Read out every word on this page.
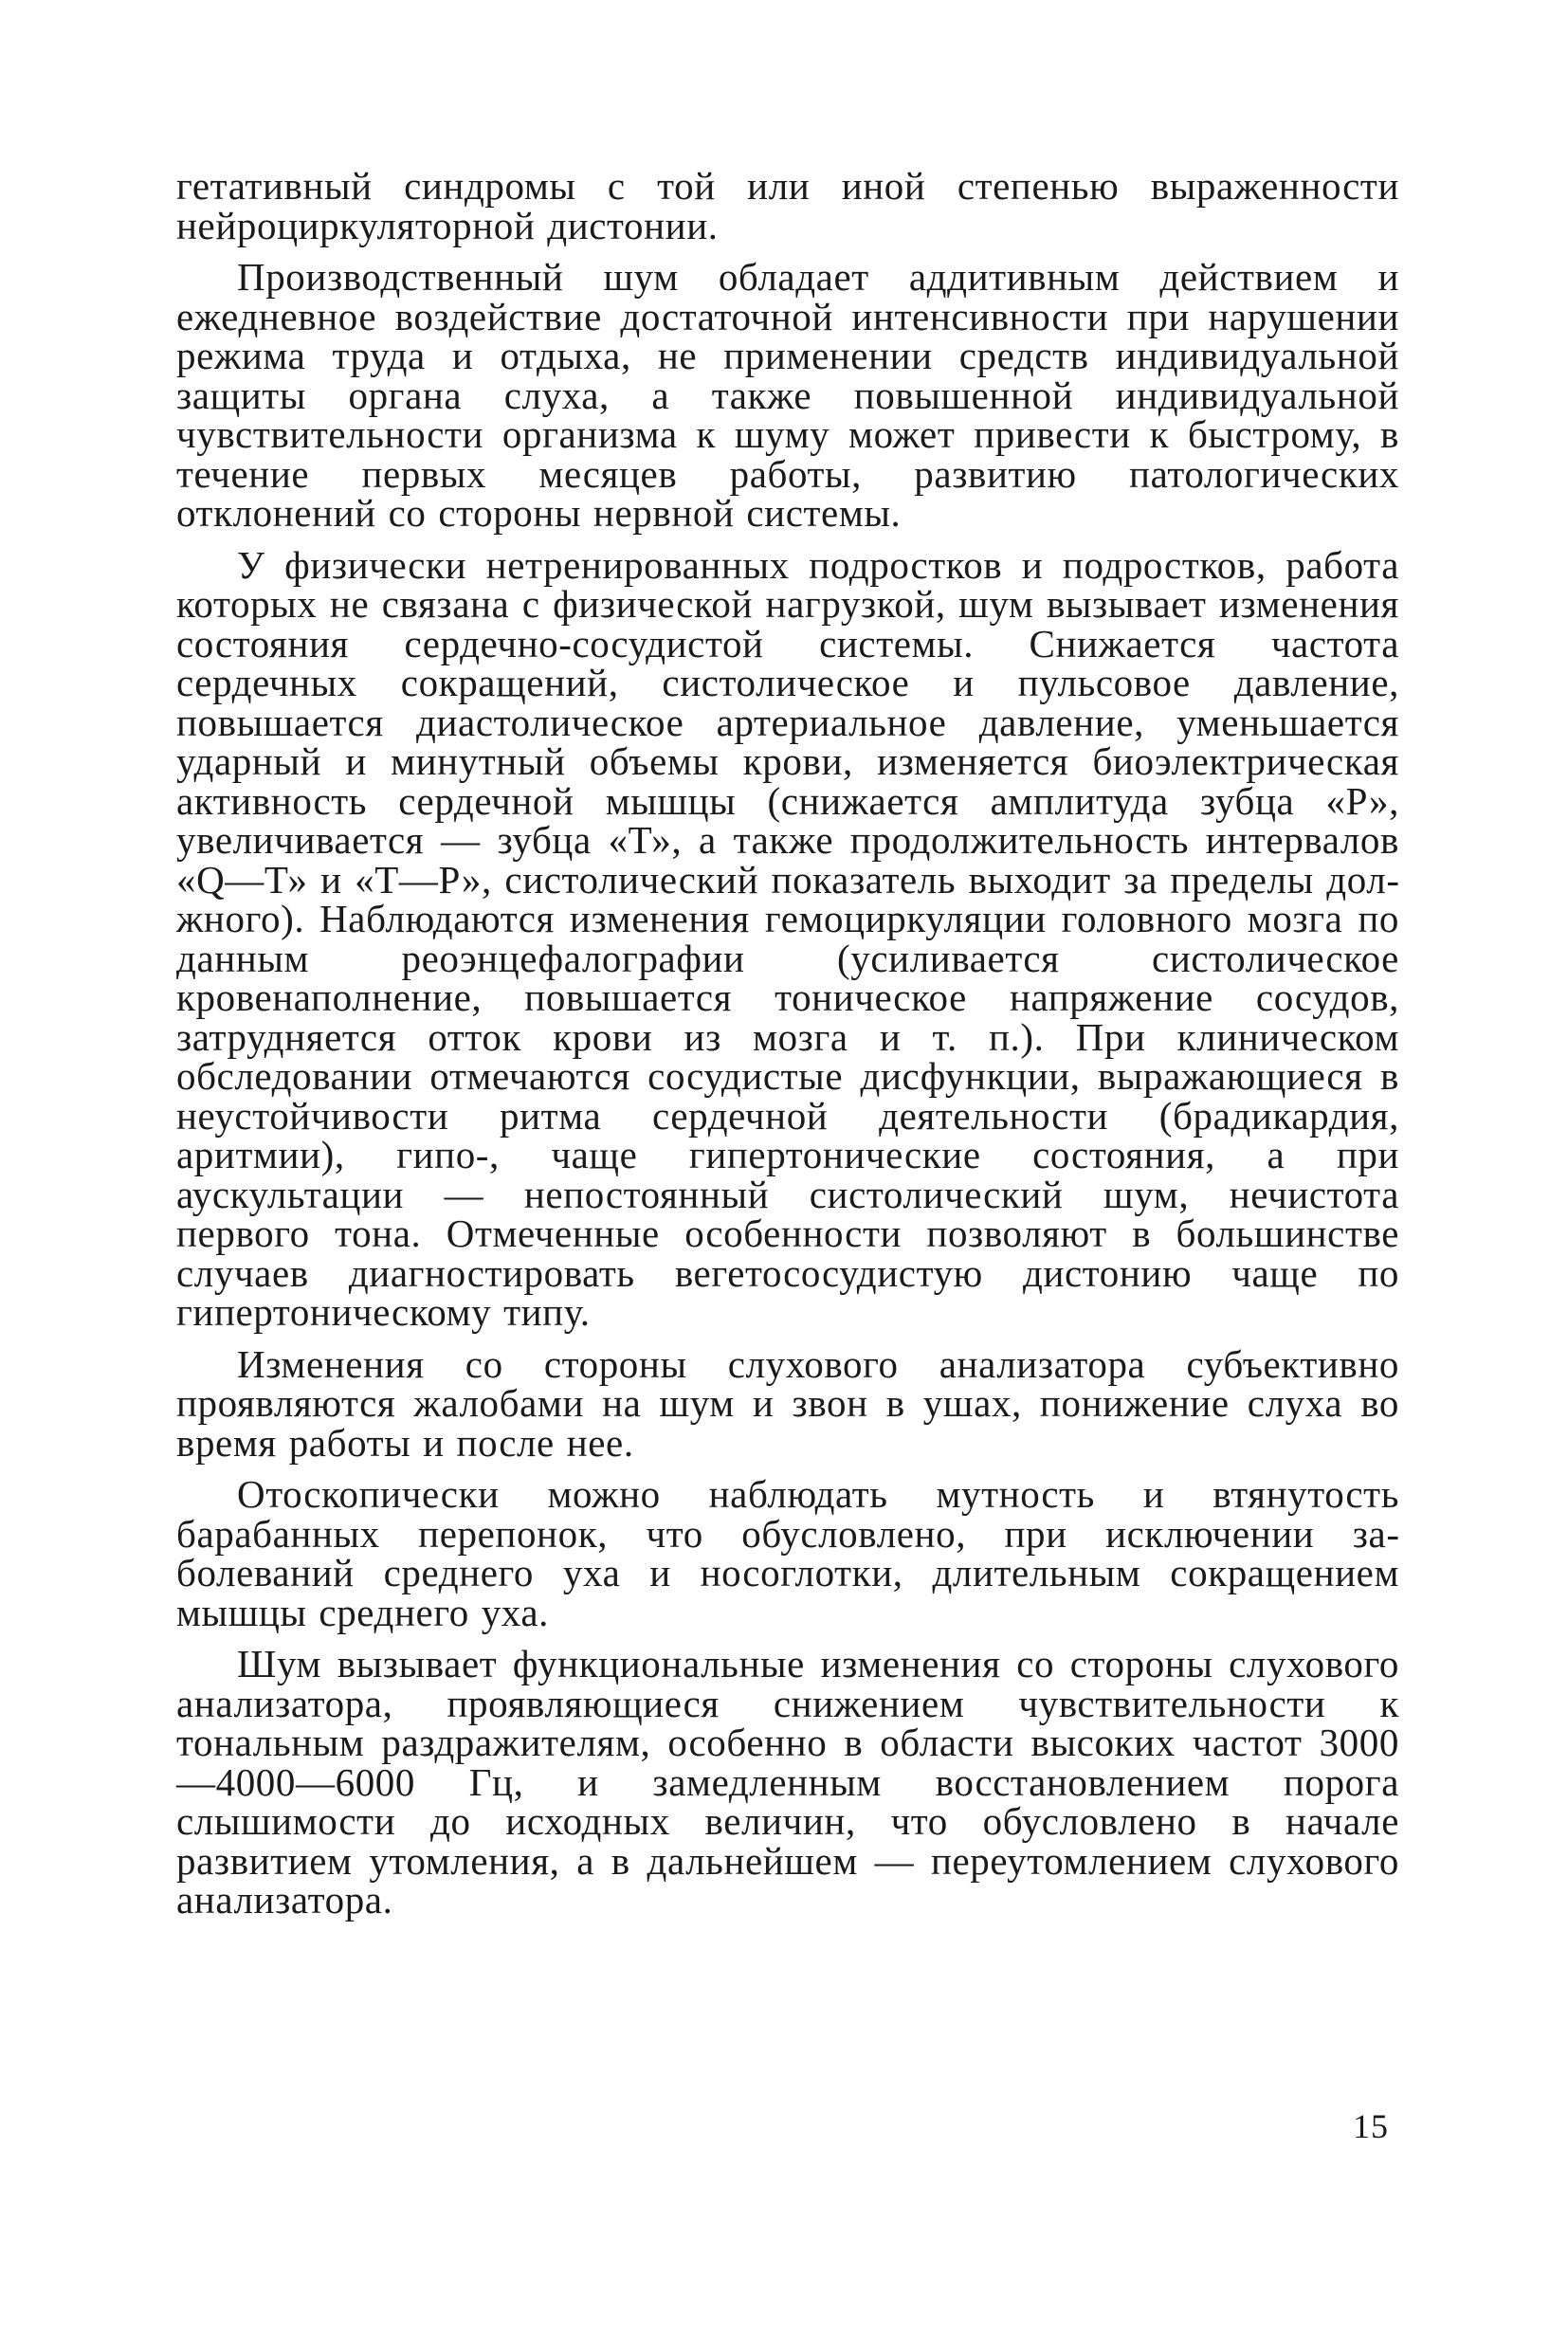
гетативный синдромы с той или иной степенью выраженности нейроциркуляторной дистонии.

Производственный шум обладает аддитивным действием и ежедневное воздействие достаточной интенсивности при нарушении режима труда и отдыха, не применении средств индивидуальной защиты органа слуха, а также повышенной индивидуальной чувствительности организма к шуму может привести к быстрому, в течение первых месяцев работы, развитию патологических отклонений со стороны нервной системы.

У физически нетренированных подростков и подростков, работа которых не связана с физической нагрузкой, шум вызывает изменения состояния сердечно-сосудистой системы. Снижается частота сердечных сокращений, систолическое и пульсовое давление, повышается диастолическое артериальное давление, уменьшается ударный и минутный объемы крови, изменяется биоэлектрическая активность сердечной мышцы (снижается амплитуда зубца «Р», увеличивается — зубца «Т», а также продолжительность интервалов «Q—Т» и «Т—Р», систолический показатель выходит за пределы должного). Наблюдаются изменения гемоциркуляции головного мозга по данным реоэнцефалографии (усиливается систолическое кровенаполнение, повышается тоническое напряжение сосудов, затрудняется отток крови из мозга и т. п.). При клиническом обследовании отмечаются сосудистые дисфункции, выражающиеся в неустойчивости ритма сердечной деятельности (брадикардия, аритмии), гипо-, чаще гипертонические состояния, а при аускультации — непостоянный систолический шум, нечистота первого тона. Отмеченные особенности позволяют в большинстве случаев диагностировать вегетососудистую дистонию чаще по гипертоническому типу.

Изменения со стороны слухового анализатора субъективно проявляются жалобами на шум и звон в ушах, понижение слуха во время работы и после нее.

Отоскопически можно наблюдать мутность и втянутость барабанных перепонок, что обусловлено, при исключении заболеваний среднего уха и носоглотки, длительным сокращением мышцы среднего уха.

Шум вызывает функциональные изменения со стороны слухового анализатора, проявляющиеся снижением чувствительности к тональным раздражителям, особенно в области высоких частот 3000—4000—6000 Гц, и замедленным восстановлением порога слышимости до исходных величин, что обусловлено в начале развитием утомления, а в дальнейшем — переутомлением слухового анализатора.

15
